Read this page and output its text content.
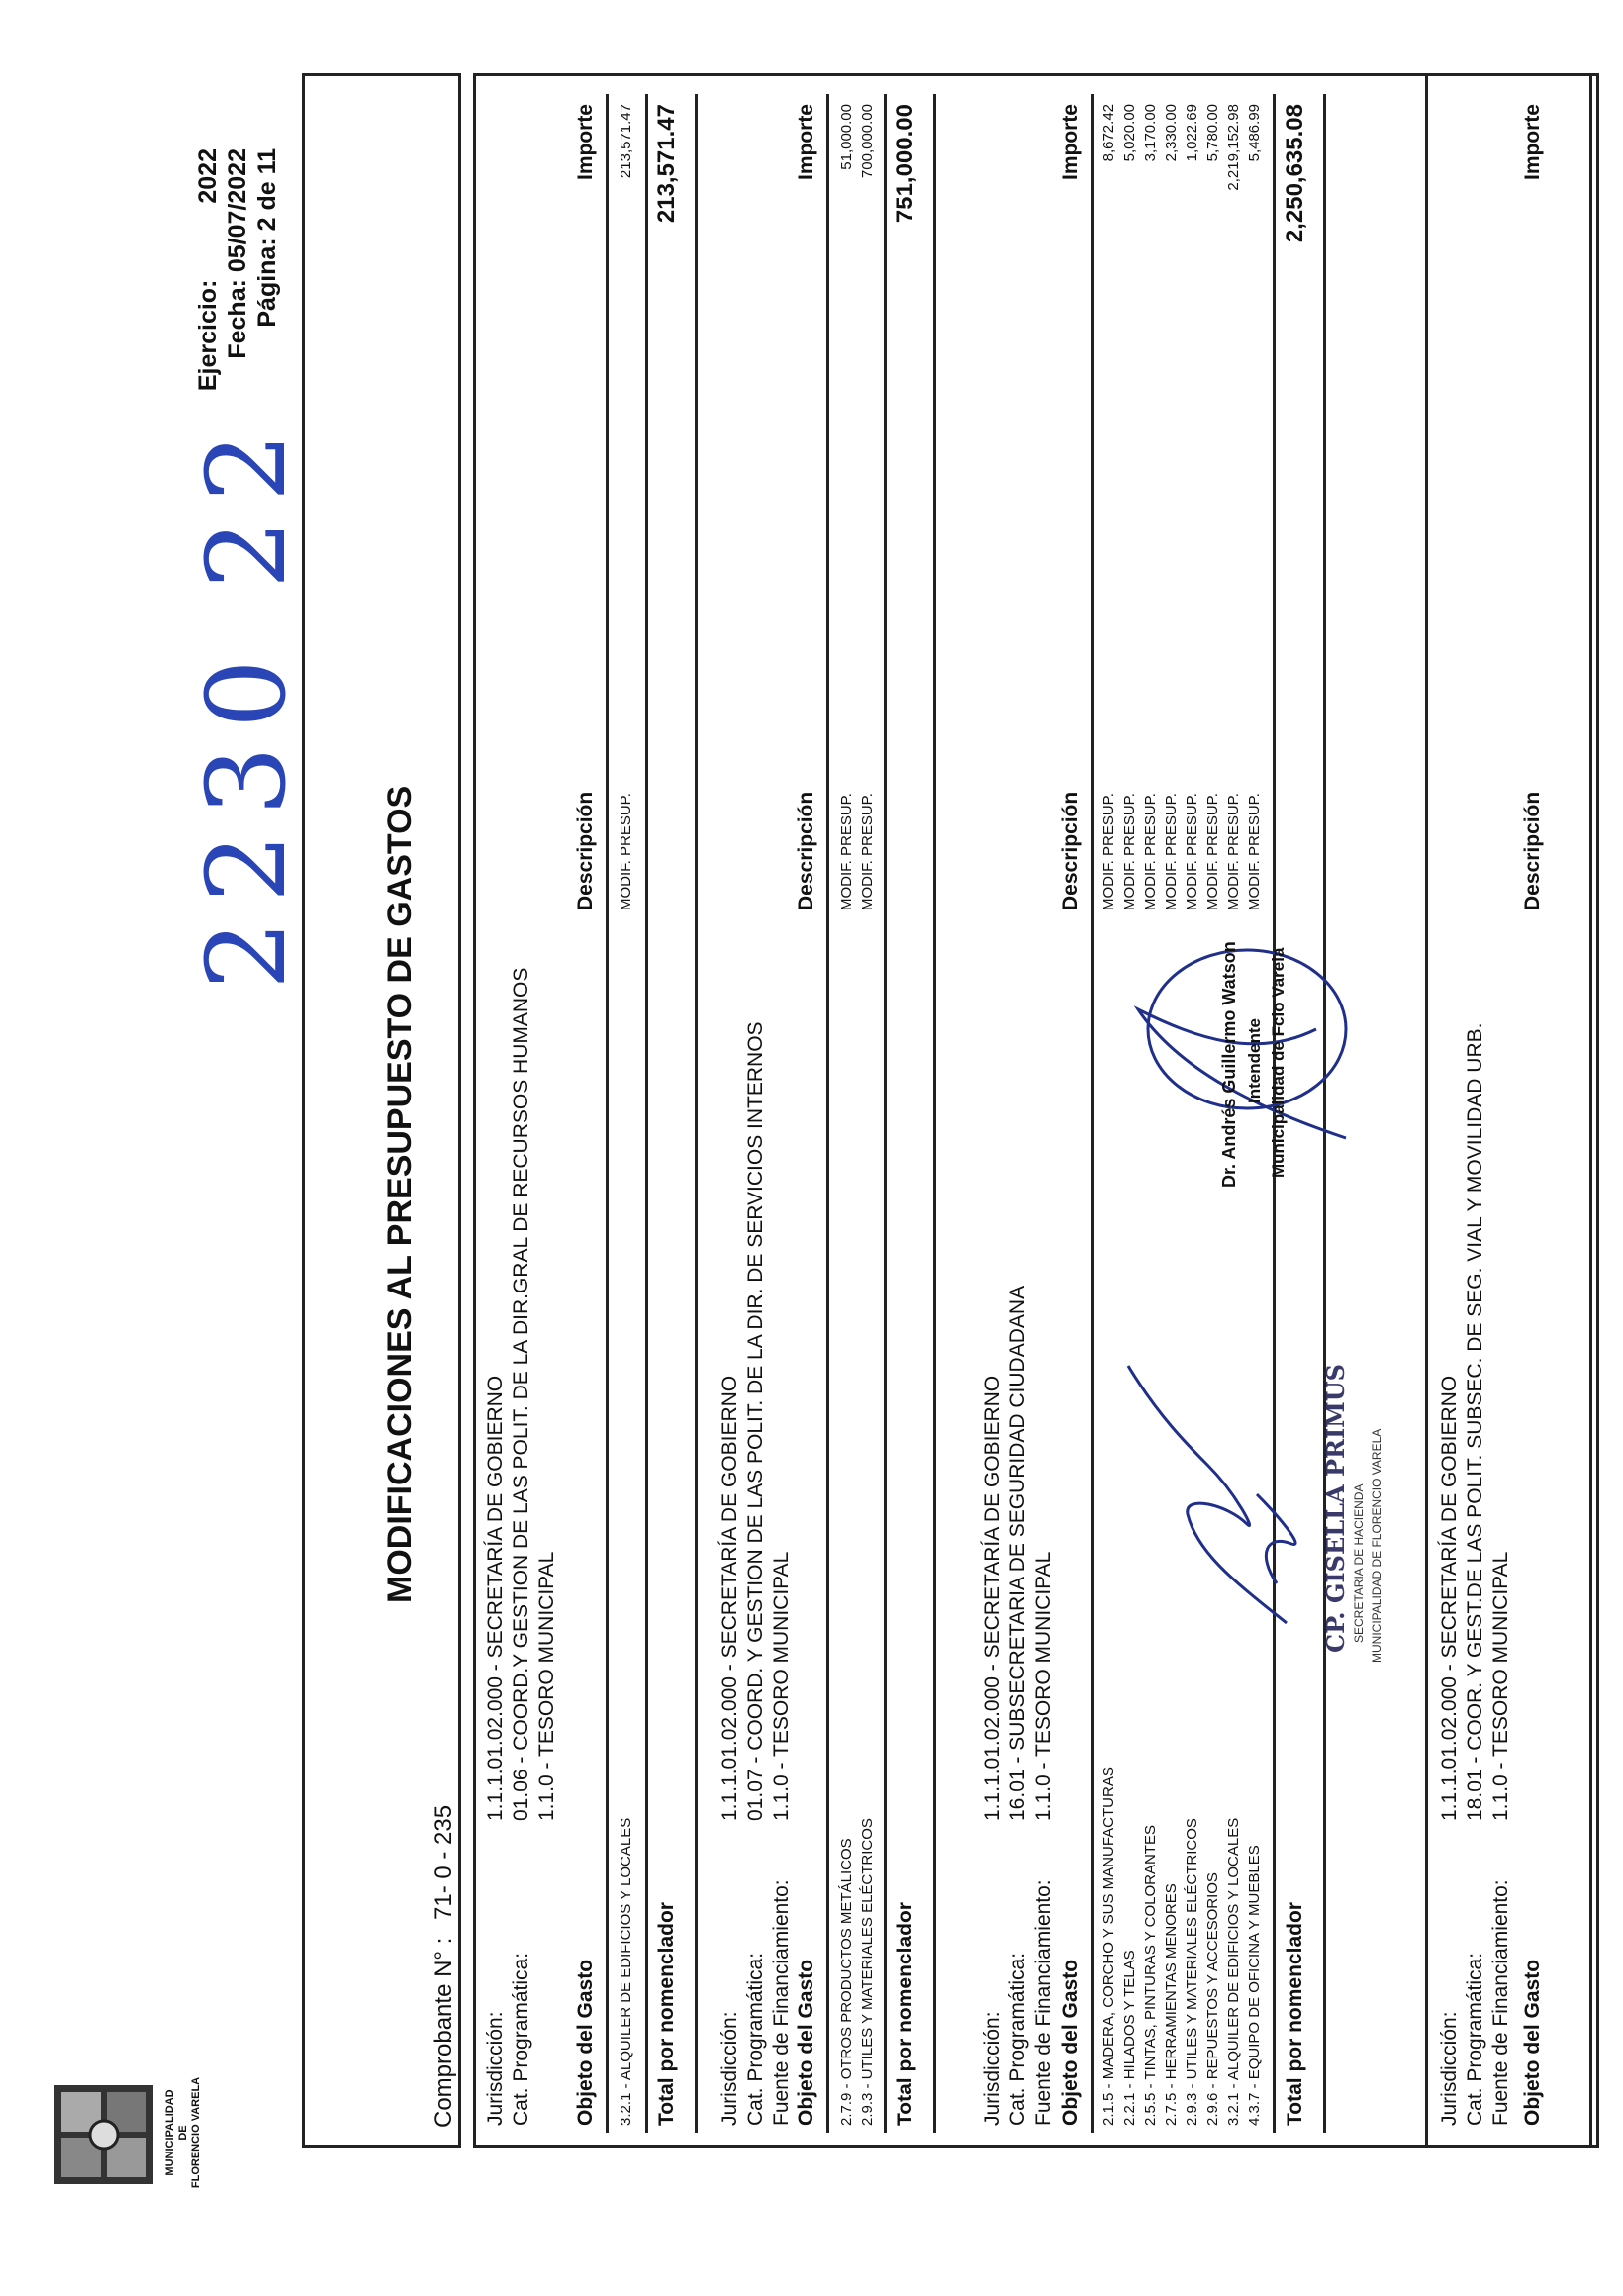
MUNICIPALIDAD DE FLORENCIO VARELA
MODIFICACIONES AL PRESUPUESTO DE GASTOS
Comprobante N° :
71- 0 - 235
2230 22
Ejercicio: 2022 Fecha: 05/07/2022 Página: 2 de 11
Jurisdicción: Cat. Programática:
1.1.1.01.02.000 - SECRETARÍA DE GOBIERNO 01.06 - COORD.Y GESTION DE LAS POLIT. DE LA DIR.GRAL DE RECURSOS HUMANOS 1.1.0 - TESORO MUNICIPAL
Objeto del Gasto
Descripción
Importe
3.2.1 - ALQUILER DE EDIFICIOS Y LOCALES
MODIF. PRESUP.
213,571.47
Total por nomenclador
213,571.47
Jurisdicción: Cat. Programática: Fuente de Financiamiento:
1.1.1.01.02.000 - SECRETARÍA DE GOBIERNO 01.07 - COORD. Y GESTION DE LAS POLIT. DE LA DIR. DE SERVICIOS INTERNOS 1.1.0 - TESORO MUNICIPAL
Objeto del Gasto
Descripción
Importe
2.7.9 - OTROS PRODUCTOS METÁLICOS
MODIF. PRESUP.
51,000.00
2.9.3 - UTILES Y MATERIALES ELÉCTRICOS
MODIF. PRESUP.
700,000.00
Total por nomenclador
751,000.00
Jurisdicción: Cat. Programática: Fuente de Financiamiento:
1.1.1.01.02.000 - SECRETARÍA DE GOBIERNO 16.01 - SUBSECRETARIA DE SEGURIDAD CIUDADANA 1.1.0 - TESORO MUNICIPAL
Objeto del Gasto
Descripción
Importe
2.1.5 - MADERA, CORCHO Y SUS MANUFACTURAS
MODIF. PRESUP.
8,672.42
2.2.1 - HILADOS Y TELAS
MODIF. PRESUP.
5,020.00
2.5.5 - TINTAS, PINTURAS Y COLORANTES
MODIF. PRESUP.
3,170.00
2.7.5 - HERRAMIENTAS MENORES
MODIF. PRESUP.
2,330.00
2.9.3 - UTILES Y MATERIALES ELÉCTRICOS
MODIF. PRESUP.
1,022.69
2.9.6 - REPUESTOS Y ACCESORIOS
MODIF. PRESUP.
5,780.00
3.2.1 - ALQUILER DE EDIFICIOS Y LOCALES
MODIF. PRESUP.
2,219,152.98
4.3.7 - EQUIPO DE OFICINA Y MUEBLES
MODIF. PRESUP.
5,486.99
Total por nomenclador
2,250,635.08
Jurisdicción: Cat. Programática: Fuente de Financiamiento:
1.1.1.01.02.000 - SECRETARÍA DE GOBIERNO 18.01 - COOR. Y GEST.DE LAS POLIT. SUBSEC. DE SEG. VIAL Y MOVILIDAD URB. 1.1.0 - TESORO MUNICIPAL
Objeto del Gasto
Descripción
Importe
CP. GISELLA PRIMUS SECRETARIA DE HACIENDA MUNICIPALIDAD DE FLORENCIO VARELA
Dr. Andrés Guillermo Watson Intendente Municipalidad de Fcio Varela
